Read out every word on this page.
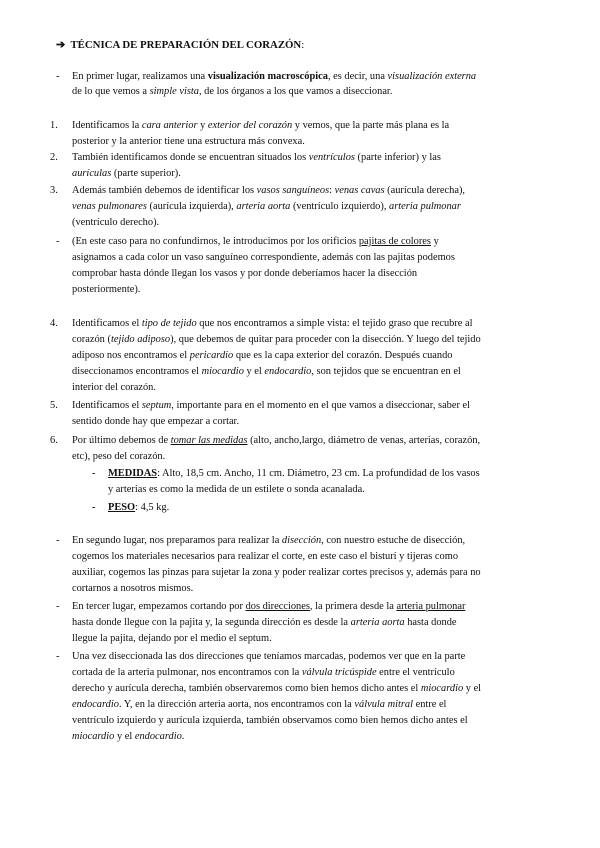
➔ TÉCNICA DE PREPARACIÓN DEL CORAZÓN:
- En primer lugar, realizamos una visualización macroscópica, es decir, una visualización externa
de lo que vemos a simple vista, de los órganos a los que vamos a diseccionar.
1. Identificamos la cara anterior y exterior del corazón y vemos, que la parte más plana es la
posterior y la anterior tiene una estructura más convexa.
2. También identificamos donde se encuentran situados los ventrículos (parte inferior) y las
aurículas (parte superior).
3. Además también debemos de identificar los vasos sanguíneos: venas cavas (aurícula derecha),
venas pulmonares (aurícula izquierda), arteria aorta (ventrículo izquierdo), arteria pulmonar
(ventrículo derecho).
- (En este caso para no confundirnos, le introducimos por los orificios pajitas de colores y
asignamos a cada color un vaso sanguíneo correspondiente, además con las pajitas podemos
comprobar hasta dónde llegan los vasos y por donde deberíamos hacer la disección
posteriormente).
4. Identificamos el tipo de tejido que nos encontramos a simple vista: el tejido graso que recubre al
corazón (tejido adiposo), que debemos de quitar para proceder con la disección. Y luego del tejido
adiposo nos encontramos el pericardio que es la capa exterior del corazón. Después cuando
diseccionamos encontramos el miocardio y el endocardio, son tejidos que se encuentran en el
interior del corazón.
5. Identificamos el septum, importante para en el momento en el que vamos a diseccionar, saber el
sentido donde hay que empezar a cortar.
6. Por último debemos de tomar las medidas (alto, ancho,largo, diámetro de venas, arterias, corazón,
etc), peso del corazón.
- MEDIDAS: Alto, 18,5 cm. Ancho, 11 cm. Diámetro, 23 cm. La profundidad de los vasos
y arterias es como la medida de un estilete o sonda acanalada.
- PESO: 4,5 kg.
- En segundo lugar, nos preparamos para realizar la disección, con nuestro estuche de disección,
cogemos los materiales necesarios para realizar el corte, en este caso el bisturí y tijeras como
auxiliar, cogemos las pinzas para sujetar la zona y poder realizar cortes precisos y, además para no
cortarnos a nosotros mismos.
- En tercer lugar, empezamos cortando por dos direcciones, la primera desde la arteria pulmonar
hasta donde llegue con la pajita y, la segunda dirección es desde la arteria aorta hasta donde
llegue la pajita, dejando por el medio el septum.
- Una vez diseccionada las dos direcciones que teníamos marcadas, podemos ver que en la parte
cortada de la arteria pulmonar, nos encontramos con la válvula tricúspide entre el ventrículo
derecho y aurícula derecha, también observaremos como bien hemos dicho antes el miocardio y el
endocardio. Y, en la dirección arteria aorta, nos encontramos con la válvula mitral entre el
ventrículo izquierdo y aurícula izquierda, también observamos como bien hemos dicho antes el
miocardio y el endocardio.
